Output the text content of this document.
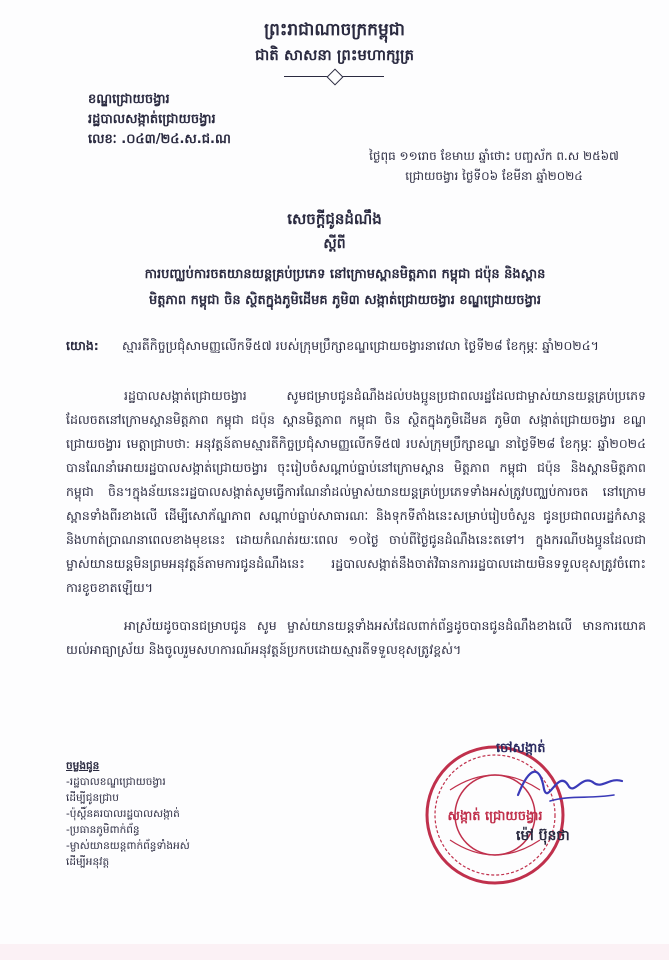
ព្រះរាជាណាចក្រកម្ពុជា
ជាតិ សាសនា ព្រះមហាក្សត្រ
ខណ្ឌជ្រោយចង្វារ
រដ្ឋបាលសង្កាត់ជ្រោយចង្វារ
លេខៈ .០៤៣/២៤.ស.ជ.ណ
ថ្ងៃពុធ ១១រោច ខែមាឃ ឆ្នាំថោះ បញ្ចស័ក ព.ស ២៥៦៧
ជ្រោយចង្វារ ថ្ងៃទី០៦ ខែមីនា ឆ្នាំ២០២៤
សេចក្តីជូនដំណឹង
ស្តីពី
ការបញ្ឈប់ការចតយានយន្តគ្រប់ប្រភេទ នៅក្រោមស្ពានមិត្តភាព កម្ពុជា ជប៉ុន និងស្ពាន
មិត្តភាព កម្ពុជា ចិន ស្ថិតក្នុងភូមិដើមគ ភូមិ៣ សង្កាត់ជ្រោយចង្វារ ខណ្ឌជ្រោយចង្វារ
យោង: ស្មារតីកិច្ចប្រជុំសាមញ្ញលើកទី៥៧ របស់ក្រុមប្រឹក្សាខណ្ឌជ្រោយចង្វារនាវេលា ថ្ងៃទី២៨ ខែកុម្ភៈ ឆ្នាំ២០២៤។

រដ្ឋបាលសង្កាត់ជ្រោយចង្វារ សូមជម្រាបជូនដំណឹងដល់បងប្អូនប្រជាពលរដ្ឋដែលជាម្ចាស់យានយន្តគ្រប់ប្រភេទដែលចតនៅក្រោមស្ពានមិត្តភាព កម្ពុជា ជប៉ុន ស្ពានមិត្តភាព កម្ពុជា ចិន ស្ថិតក្នុងភូមិដើមគ ភូមិ៣ សង្កាត់ជ្រោយចង្វារ ខណ្ឌជ្រោយចង្វារ មេត្តាជ្រាបថា: អនុវត្តន៍តាមស្មារតីកិច្ចប្រជុំសាមញ្ញលើកទី៥៧ របស់ក្រុមប្រឹក្សាខណ្ឌ នាថ្ងៃទី២៨ ខែកុម្ភៈ ឆ្នាំ២០២៤ បានណែនាំអោយរដ្ឋបាលសង្កាត់ជ្រោយចង្វារ ចុះរៀបចំសណ្តាប់ធ្នាប់នៅក្រោមស្ពាន មិត្តភាព កម្ពុជា ជប៉ុន និងស្ពានមិត្តភាព កម្ពុជា ចិន។ក្នុងន័យនេះរដ្ឋបាលសង្កាត់សូមធ្វើការណែនាំដល់ម្ចាស់យានយន្តគ្រប់ប្រភេទទាំងអស់ត្រូវបញ្ឈប់ការចត នៅក្រោមស្ពានទាំងពីរខាងលើ ដើម្បីសោភ័ណ្ឌភាព សណ្តាប់ធ្នាប់សាធារណៈ និងទុកទីតាំងនេះសម្រាប់រៀបចំសួន ជូនប្រជាពលរដ្ឋកំសាន្ត និងហាត់ប្រាណនាពេលខាងមុខនេះ ដោយកំណត់រយៈពេល ១០ថ្ងៃ ចាប់ពីថ្ងៃជូនដំណឹងនេះតទៅ។ ក្នុងករណីបងប្អូនដែលជាម្ចាស់យានយន្តមិនព្រមអនុវត្តន៍តាមការជូនដំណឹងនេះ រដ្ឋបាលសង្កាត់នឹងចាត់វិធានការរដ្ឋបាលដោយមិនទទួលខុសត្រូវចំពោះការខូចខាតឡើយ។

អាស្រ័យដូចបានជម្រាបជូន សូម ម្ចាស់យានយន្តទាំងអស់ដែលពាក់ព័ន្ធដូចបានជូនដំណឹងខាងលើ មានការយោគយល់អាធ្យាស្រ័យ និងចូលរួមសហការណ៍អនុវត្តន៍ប្រកបដោយស្មារតីទទួលខុសត្រូវខ្ពស់។

ចម្លងជូន
-រដ្ឋបាលខណ្ឌជ្រោយចង្វារ
ដើម្បីជូនជ្រាប
-ប៉ុស្តិ៍នគរបាលរដ្ឋបាលសង្កាត់
-ប្រធានភូមិពាក់ព័ន្ធ
-ម្ចាស់យានយន្តពាក់ព័ន្ធទាំងអស់
ដើម្បីអនុវត្ត
សង្កាត់ ជ្រោយចង្វារ
ចៅសង្កាត់
ម៉ៅ ប៊ុនថា
